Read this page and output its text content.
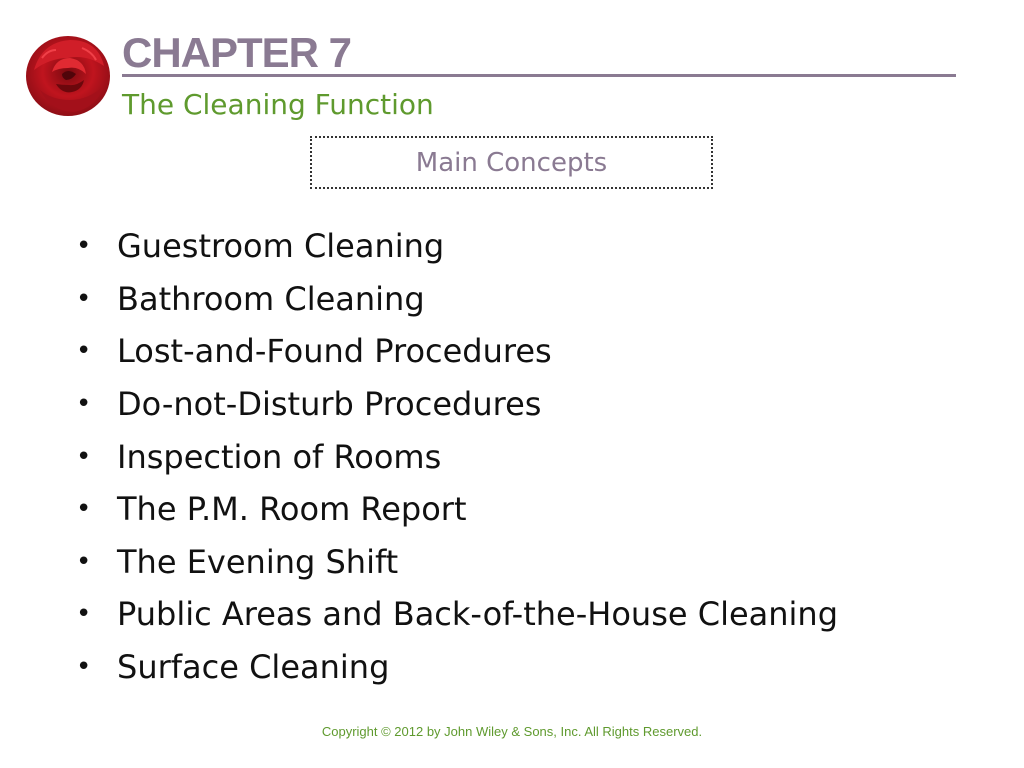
CHAPTER 7
The Cleaning Function
Main Concepts
• Guestroom Cleaning
• Bathroom Cleaning
• Lost-and-Found Procedures
• Do-not-Disturb Procedures
• Inspection of Rooms
• The P.M. Room Report
• The Evening Shift
• Public Areas and Back-of-the-House Cleaning
• Surface Cleaning
Copyright © 2012 by John Wiley & Sons, Inc. All Rights Reserved.
